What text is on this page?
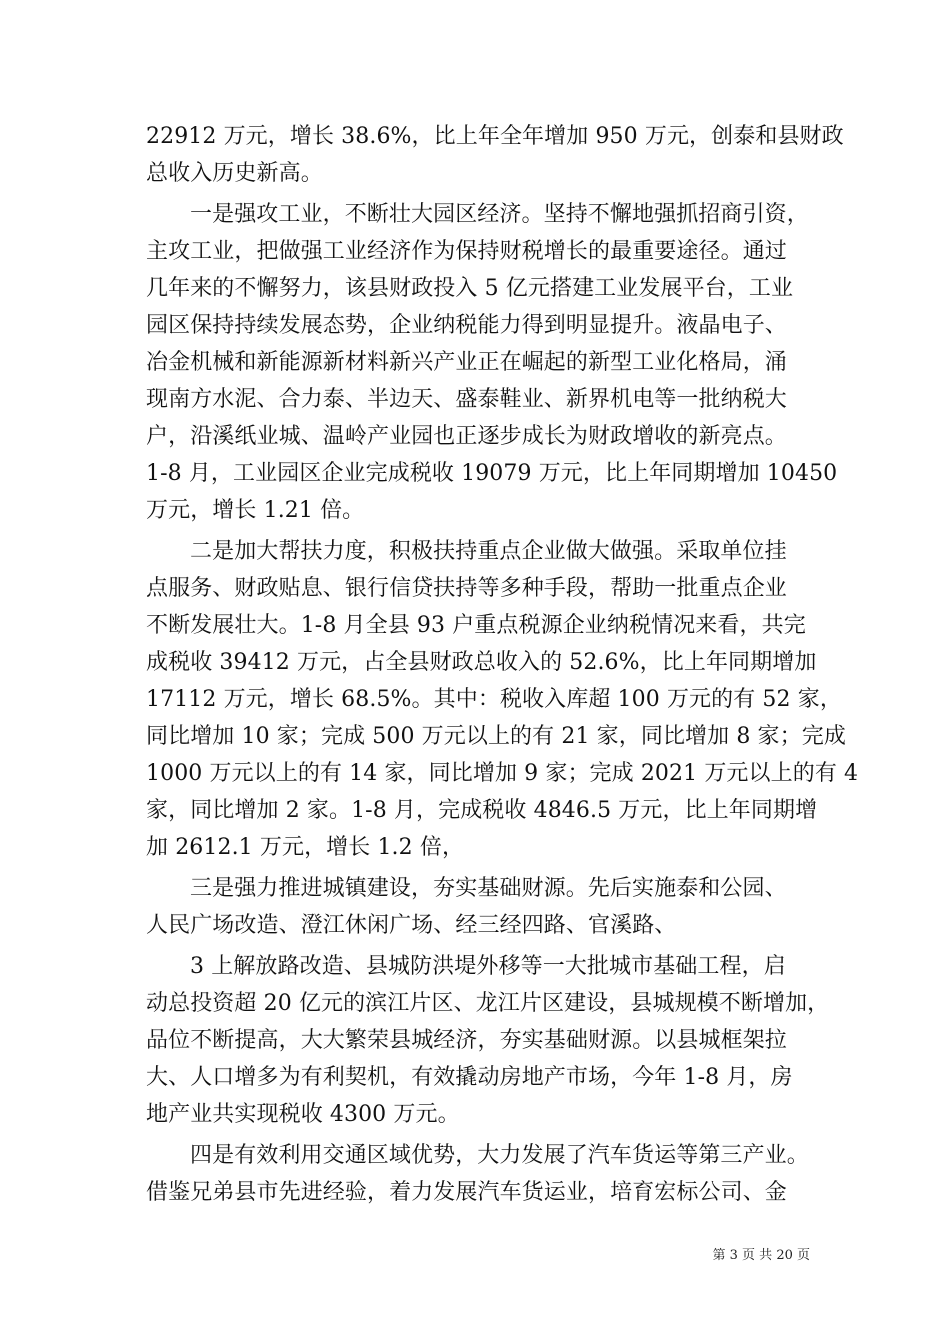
22912 万元，增长 38.6%，比上年全年增加 950 万元，创泰和县财政
总收入历史新高。
一是强攻工业，不断壮大园区经济。坚持不懈地强抓招商引资，
主攻工业，把做强工业经济作为保持财税增长的最重要途径。通过
几年来的不懈努力，该县财政投入 5 亿元搭建工业发展平台，工业
园区保持持续发展态势，企业纳税能力得到明显提升。液晶电子、
冶金机械和新能源新材料新兴产业正在崛起的新型工业化格局，涌
现南方水泥、合力泰、半边天、盛泰鞋业、新界机电等一批纳税大
户，沿溪纸业城、温岭产业园也正逐步成长为财政增收的新亮点。
1-8 月，工业园区企业完成税收 19079 万元，比上年同期增加 10450
万元，增长 1.21 倍。
二是加大帮扶力度，积极扶持重点企业做大做强。采取单位挂
点服务、财政贴息、银行信贷扶持等多种手段，帮助一批重点企业
不断发展壮大。1-8 月全县 93 户重点税源企业纳税情况来看，共完
成税收 39412 万元，占全县财政总收入的 52.6%，比上年同期增加
17112 万元，增长 68.5%。其中：税收入库超 100 万元的有 52 家，
同比增加 10 家；完成 500 万元以上的有 21 家，同比增加 8 家；完成
1000 万元以上的有 14 家，同比增加 9 家；完成 2021 万元以上的有 4
家，同比增加 2 家。1-8 月，完成税收 4846.5 万元，比上年同期增
加 2612.1 万元，增长 1.2 倍，
三是强力推进城镇建设，夯实基础财源。先后实施泰和公园、
人民广场改造、澄江休闲广场、经三经四路、官溪路、
3 上解放路改造、县城防洪堤外移等一大批城市基础工程，启
动总投资超 20 亿元的滨江片区、龙江片区建设，县城规模不断增加，
品位不断提高，大大繁荣县城经济，夯实基础财源。以县城框架拉
大、人口增多为有利契机，有效撬动房地产市场，今年 1-8 月，房
地产业共实现税收 4300 万元。
四是有效利用交通区域优势，大力发展了汽车货运等第三产业。
借鉴兄弟县市先进经验，着力发展汽车货运业，培育宏标公司、金
第 3 页 共 20 页
